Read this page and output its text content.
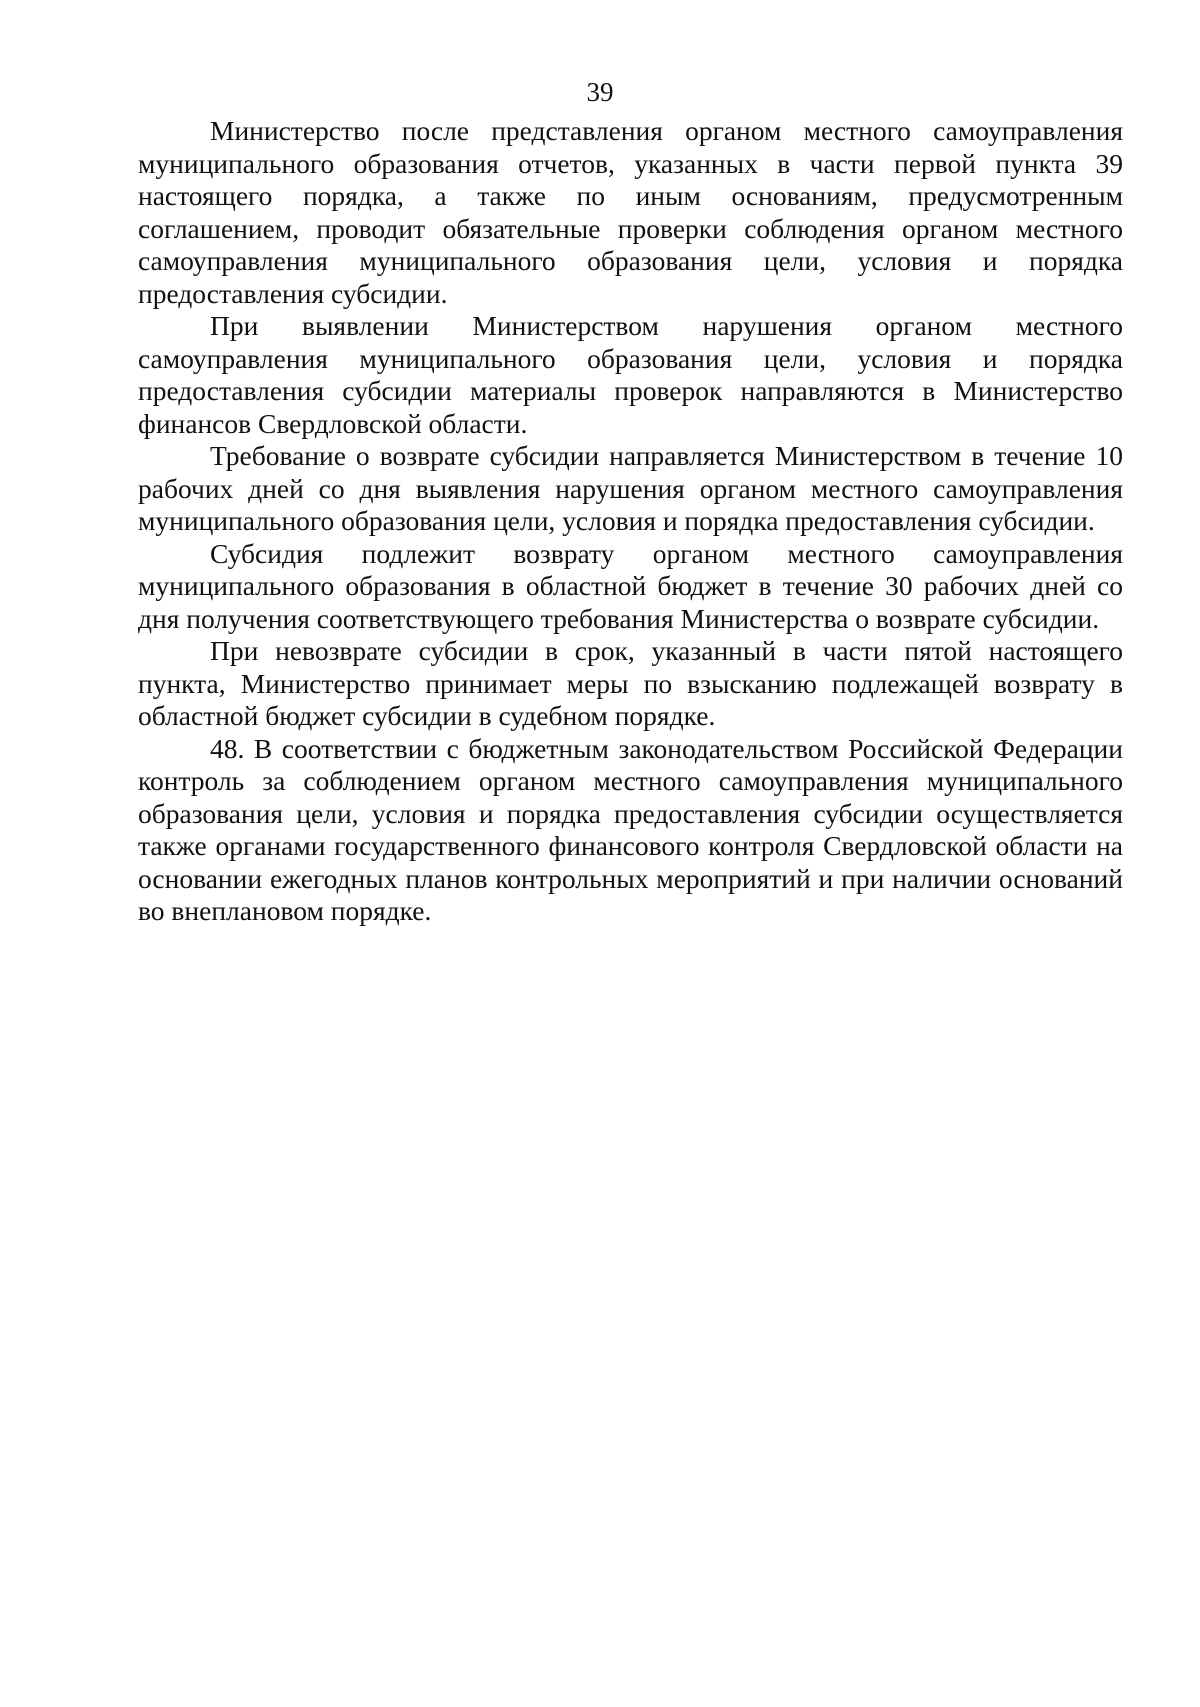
39

Министерство после представления органом местного самоуправления муниципального образования отчетов, указанных в части первой пункта 39 настоящего порядка, а также по иным основаниям, предусмотренным соглашением, проводит обязательные проверки соблюдения органом местного самоуправления муниципального образования цели, условия и порядка предоставления субсидии.

При выявлении Министерством нарушения органом местного самоуправления муниципального образования цели, условия и порядка предоставления субсидии материалы проверок направляются в Министерство финансов Свердловской области.

Требование о возврате субсидии направляется Министерством в течение 10 рабочих дней со дня выявления нарушения органом местного самоуправления муниципального образования цели, условия и порядка предоставления субсидии.

Субсидия подлежит возврату органом местного самоуправления муниципального образования в областной бюджет в течение 30 рабочих дней со дня получения соответствующего требования Министерства о возврате субсидии.

При невозврате субсидии в срок, указанный в части пятой настоящего пункта, Министерство принимает меры по взысканию подлежащей возврату в областной бюджет субсидии в судебном порядке.

48. В соответствии с бюджетным законодательством Российской Федерации контроль за соблюдением органом местного самоуправления муниципального образования цели, условия и порядка предоставления субсидии осуществляется также органами государственного финансового контроля Свердловской области на основании ежегодных планов контрольных мероприятий и при наличии оснований во внеплановом порядке.
